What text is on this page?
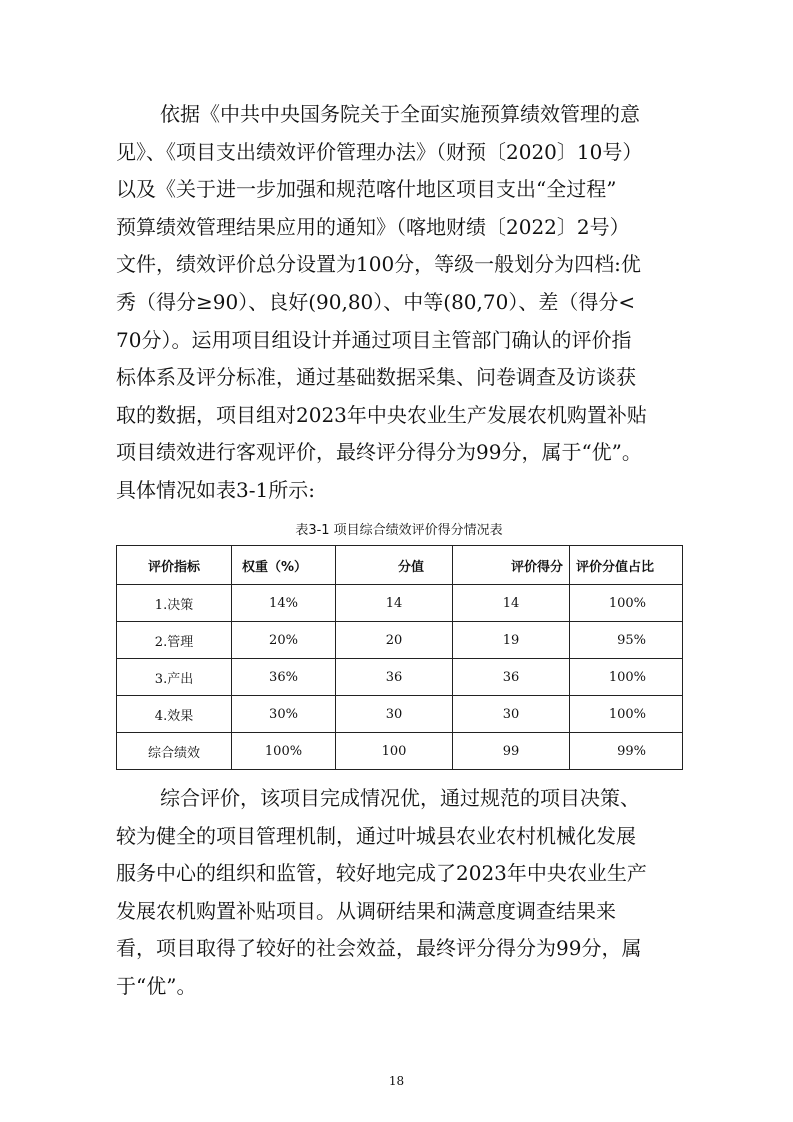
依据《中共中央国务院关于全面实施预算绩效管理的意
见》、《项目支出绩效评价管理办法》（财预〔2020〕10号）
以及《关于进一步加强和规范喀什地区项目支出“全过程”
预算绩效管理结果应用的通知》（喀地财绩〔2022〕2号）
文件，绩效评价总分设置为100分，等级一般划分为四档:优
秀（得分≥90）、良好(90,80）、中等(80,70）、差（得分<
70分）。运用项目组设计并通过项目主管部门确认的评价指
标体系及评分标准，通过基础数据采集、问卷调查及访谈获
取的数据，项目组对2023年中央农业生产发展农机购置补贴
项目绩效进行客观评价，最终评分得分为99分，属于“优”。
具体情况如表3-1所示:
表3-1 项目综合绩效评价得分情况表
评价指标	权重（%）	分值	评价得分	评价分值占比
1.决策	14%	14	14	100%
2.管理	20%	20	19	95%
3.产出	36%	36	36	100%
4.效果	30%	30	30	100%
综合绩效	100%	100	99	99%
综合评价，该项目完成情况优，通过规范的项目决策、
较为健全的项目管理机制，通过叶城县农业农村机械化发展
服务中心的组织和监管，较好地完成了2023年中央农业生产
发展农机购置补贴项目。从调研结果和满意度调查结果来
看，项目取得了较好的社会效益，最终评分得分为99分，属
于“优”。
18
